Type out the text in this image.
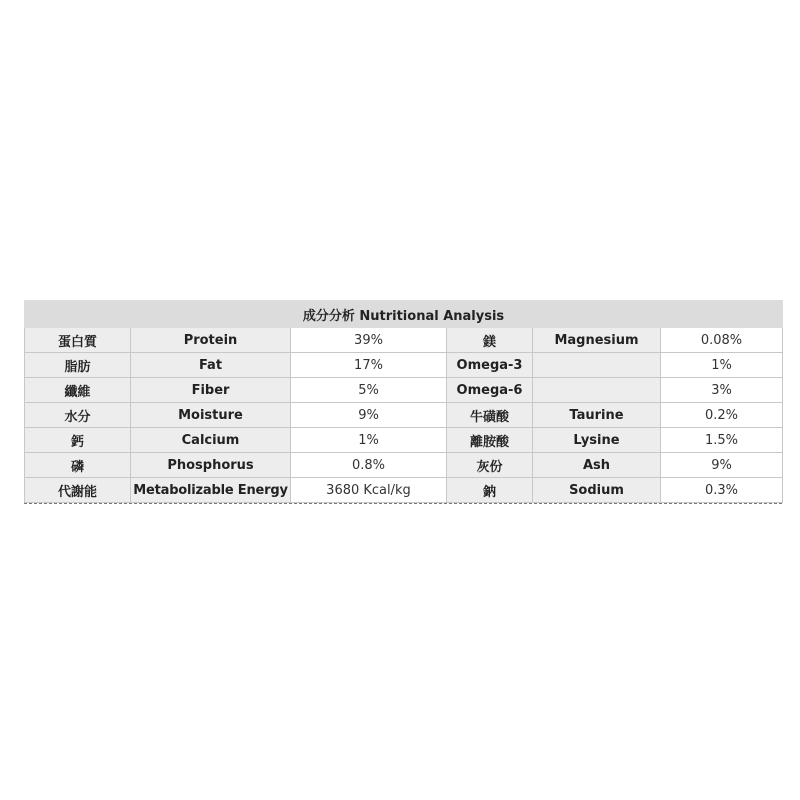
成分分析 Nutritional Analysis					
蛋白質	Protein	39%	鎂	Magnesium	0.08%
脂肪	Fat	17%	Omega-3		1%
纖維	Fiber	5%	Omega-6		3%
水分	Moisture	9%	牛磺酸	Taurine	0.2%
鈣	Calcium	1%	離胺酸	Lysine	1.5%
磷	Phosphorus	0.8%	灰份	Ash	9%
代謝能	Metabolizable Energy	3680 Kcal/kg	鈉	Sodium	0.3%
